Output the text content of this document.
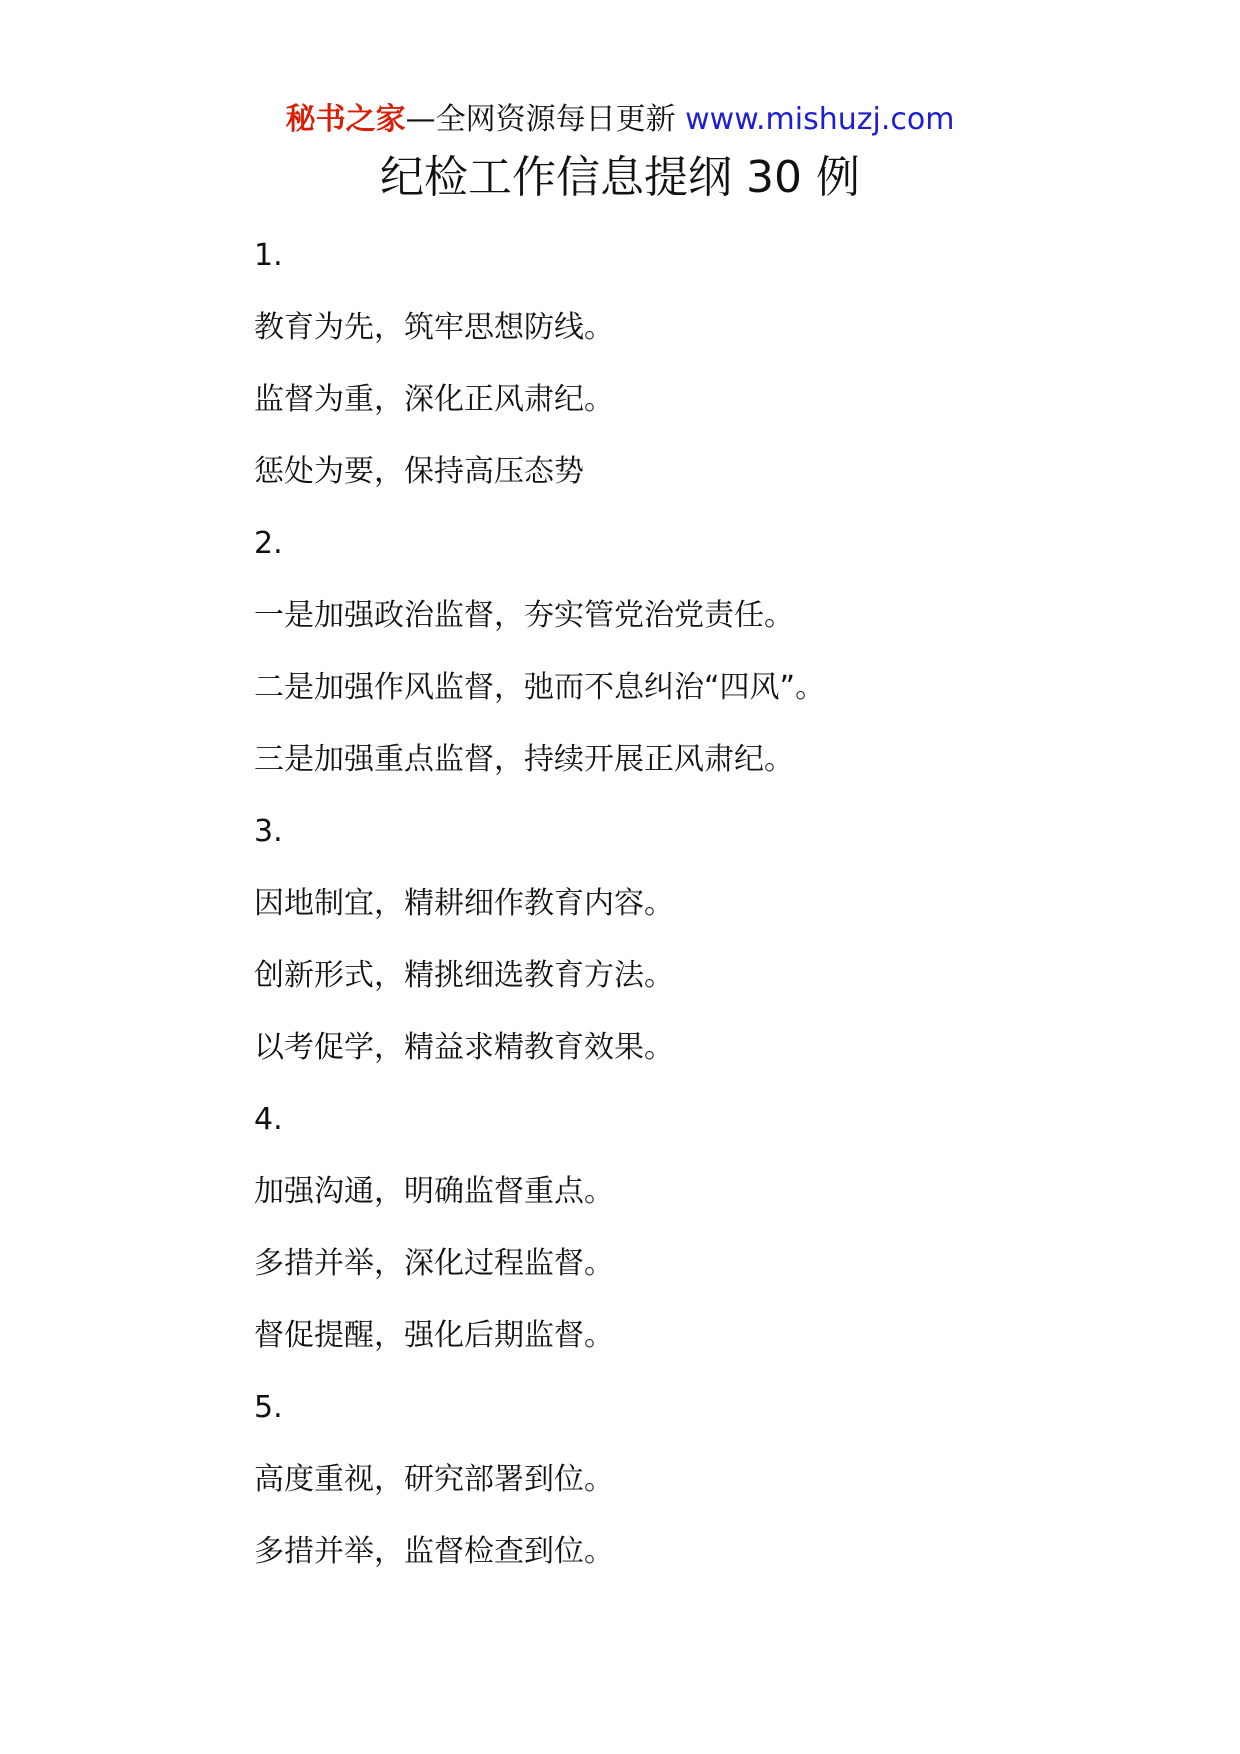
秘书之家—全网资源每日更新 www.mishuzj.com
纪检工作信息提纲 30 例
1.
教育为先，筑牢思想防线。
监督为重，深化正风肃纪。
惩处为要，保持高压态势
2.
一是加强政治监督，夯实管党治党责任。
二是加强作风监督，弛而不息纠治“四风”。
三是加强重点监督，持续开展正风肃纪。
3.
因地制宜，精耕细作教育内容。
创新形式，精挑细选教育方法。
以考促学，精益求精教育效果。
4.
加强沟通，明确监督重点。
多措并举，深化过程监督。
督促提醒，强化后期监督。
5.
高度重视，研究部署到位。
多措并举，监督检查到位。
